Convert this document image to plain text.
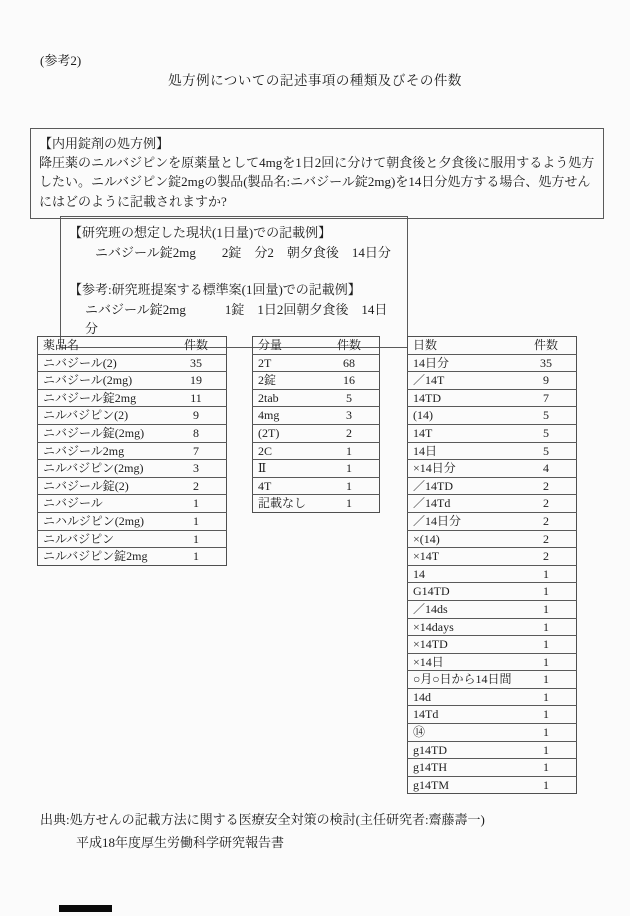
(参考2)
処方例についての記述事項の種類及びその件数
【内用錠剤の処方例】
降圧薬のニルバジピンを原薬量として4mgを1日2回に分けて朝食後と夕食後に服用するよう処方したい。ニルバジピン錠2mgの製品(製品名:ニバジール錠2mg)を14日分処方する場合、処方せんにはどのように記載されますか?
【研究班の想定した現状(1日量)での記載例】
ニバジール錠2mg　　2錠　分2　朝夕食後　14日分
【参考:研究班提案する標準案(1回量)での記載例】
ニバジール錠2mg　　　1錠　1日2回朝夕食後　14日分
薬品名	件数
ニバジール(2)	35
ニバジール(2mg)	19
ニバジール錠2mg	11
ニルバジピン(2)	9
ニバジール錠(2mg)	8
ニバジール2mg	7
ニルバジピン(2mg)	3
ニバジール錠(2)	2
ニバジール	1
ニハルジピン(2mg)	1
ニルバジピン	1
ニルバジピン錠2mg	1
分量	件数
2T	68
2錠	16
2tab	5
4mg	3
(2T)	2
2C	1
Ⅱ	1
4T	1
記載なし	1
日数	件数
14日分	35
／14T	9
14TD	7
(14)	5
14T	5
14日	5
×14日分	4
／14TD	2
／14Td	2
／14日分	2
×(14)	2
×14T	2
14	1
G14TD	1
／14ds	1
×14days	1
×14TD	1
×14日	1
○月○日から14日間	1
14d	1
14Td	1
⑭	1
g14TD	1
g14TH	1
g14TM	1
出典:処方せんの記載方法に関する医療安全対策の検討(主任研究者:齋藤壽一)
平成18年度厚生労働科学研究報告書
